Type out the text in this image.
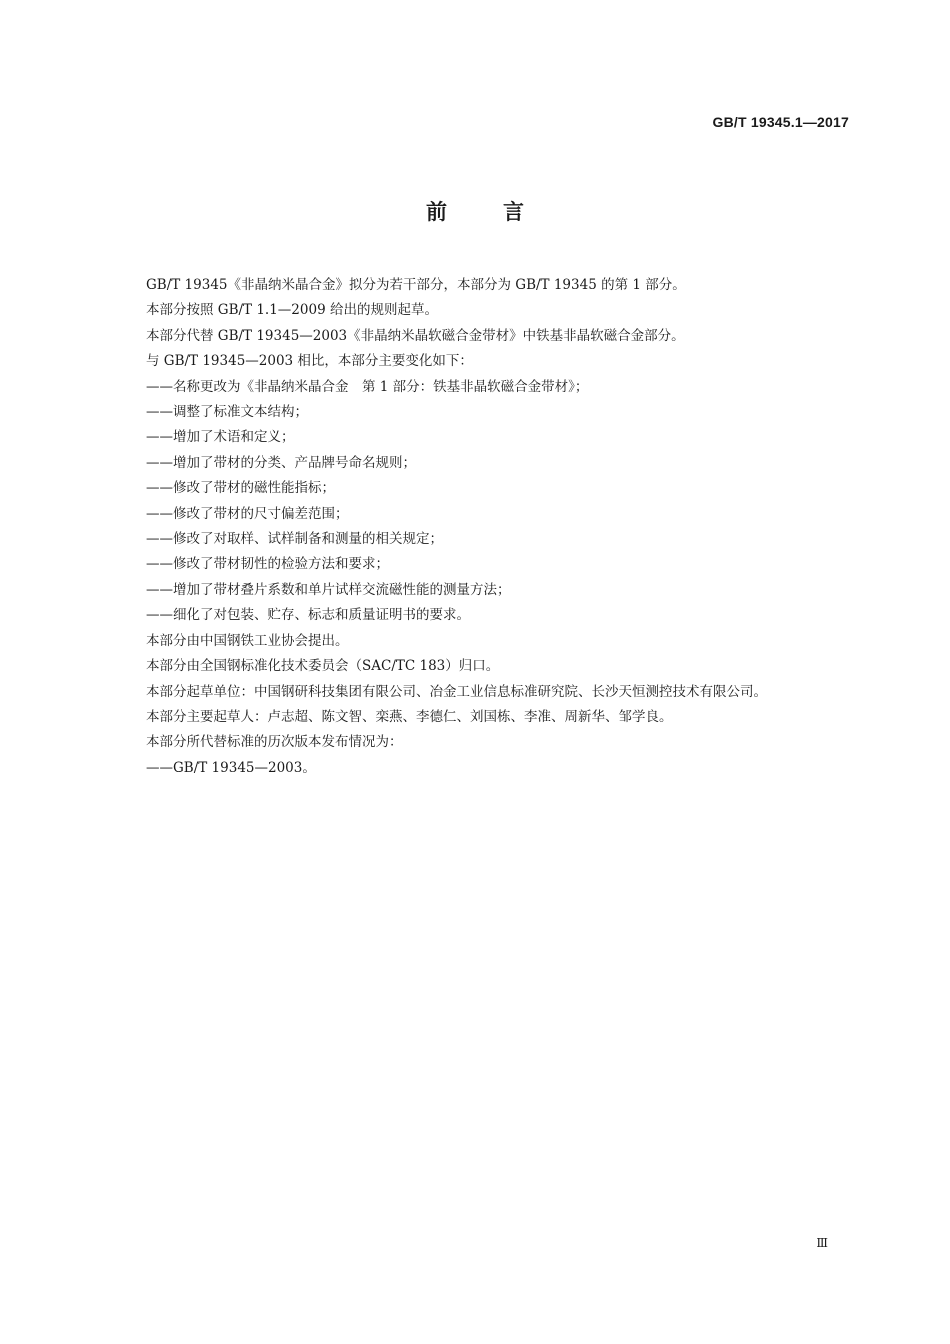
GB/T 19345.1—2017
前	言

GB/T 19345《非晶纳米晶合金》拟分为若干部分，本部分为 GB/T 19345 的第 1 部分。

本部分按照 GB/T 1.1—2009 给出的规则起草。

本部分代替 GB/T 19345—2003《非晶纳米晶软磁合金带材》中铁基非晶软磁合金部分。

与 GB/T 19345—2003 相比，本部分主要变化如下：

——名称更改为《非晶纳米晶合金　第 1 部分：铁基非晶软磁合金带材》；

——调整了标准文本结构；

——增加了术语和定义；

——增加了带材的分类、产品牌号命名规则；

——修改了带材的磁性能指标；

——修改了带材的尺寸偏差范围；

——修改了对取样、试样制备和测量的相关规定；

——修改了带材韧性的检验方法和要求；

——增加了带材叠片系数和单片试样交流磁性能的测量方法；

——细化了对包装、贮存、标志和质量证明书的要求。

本部分由中国钢铁工业协会提出。

本部分由全国钢标准化技术委员会（SAC/TC 183）归口。

本部分起草单位：中国钢研科技集团有限公司、冶金工业信息标准研究院、长沙天恒测控技术有限公司。

本部分主要起草人：卢志超、陈文智、栾燕、李德仁、刘国栋、李准、周新华、邹学良。

本部分所代替标准的历次版本发布情况为：

——GB/T 19345—2003。

Ⅲ
